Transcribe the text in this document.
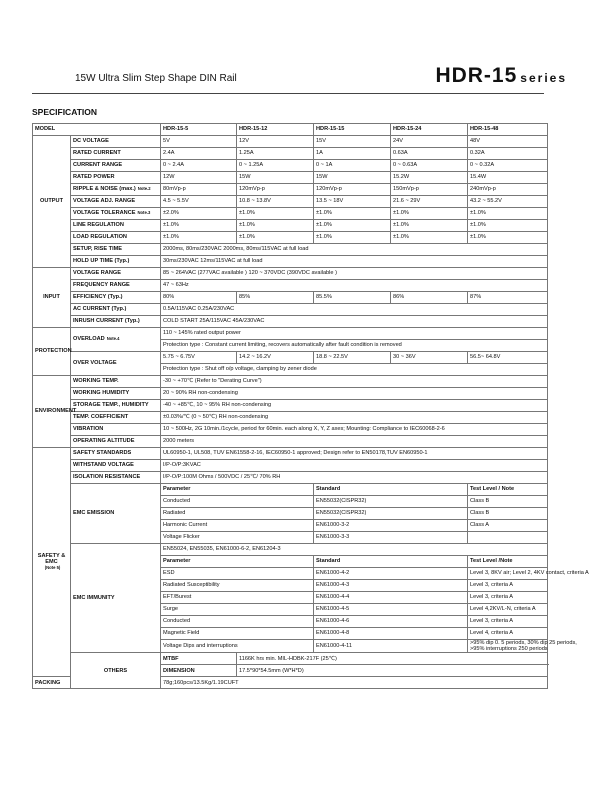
15W Ultra Slim Step Shape DIN Rail	HDR-15 series
SPECIFICATION
MODEL		HDR-15-5	HDR-15-12	HDR-15-15	HDR-15-24	HDR-15-48
OUTPUT	DC VOLTAGE	5V	12V	15V	24V	48V
	RATED CURRENT	2.4A	1.25A	1A	0.63A	0.32A
	CURRENT RANGE	0 ~ 2.4A	0 ~ 1.25A	0 ~ 1A	0 ~ 0.63A	0 ~ 0.32A
	RATED POWER	12W	15W	15W	15.2W	15.4W
	RIPPLE & NOISE (max.) Note.2	80mVp-p	120mVp-p	120mVp-p	150mVp-p	240mVp-p
	VOLTAGE ADJ. RANGE	4.5 ~ 5.5V	10.8 ~ 13.8V	13.5 ~ 18V	21.6 ~ 29V	43.2 ~ 55.2V
	VOLTAGE TOLERANCE Note.3	±2.0%	±1.0%	±1.0%	±1.0%	±1.0%
	LINE REGULATION	±1.0%	±1.0%	±1.0%	±1.0%	±1.0%
	LOAD REGULATION	±1.0%	±1.0%	±1.0%	±1.0%	±1.0%
	SETUP, RISE TIME	2000ms, 80ms/230VAC 2000ms, 80ms/115VAC at full load				
	HOLD UP TIME (Typ.)	30ms/230VAC 12ms/115VAC at full load				
INPUT	VOLTAGE RANGE	85 ~ 264VAC (277VAC available ) 120 ~ 370VDC (390VDC available )				
	FREQUENCY RANGE	47 ~ 63Hz				
	EFFICIENCY (Typ.)	80%	85%	85.5%	86%	87%
	AC CURRENT (Typ.)	0.5A/115VAC 0.25A/230VAC				
	INRUSH CURRENT (Typ.)	COLD START 25A/115VAC 45A/230VAC				
PROTECTION	OVERLOAD Note.4	110 ~ 145% rated output power				
		Protection type : Constant current limiting, recovers automatically after fault condition is removed				
	OVER VOLTAGE	5.75 ~ 6.75V	14.2 ~ 16.2V	18.8 ~ 22.5V	30 ~ 36V	56.5~ 64.8V
		Protection type : Shut off o/p voltage, clamping by zener diode				
ENVIRONMENT	WORKING TEMP.	-30 ~ +70℃ (Refer to "Derating Curve")				
	WORKING HUMIDITY	20 ~ 90% RH non-condensing				
	STORAGE TEMP., HUMIDITY	-40 ~ +85℃, 10 ~ 95% RH non-condensing				
	TEMP. COEFFICIENT	±0.03%/℃ (0 ~ 50℃) RH non-condensing				
	VIBRATION	10 ~ 500Hz, 2G 10min./1cycle, period for 60min. each along X, Y, Z axes; Mounting: Compliance to IEC60068-2-6				
	OPERATING ALTITUDE	2000 meters				
SAFETY &
EMC
(Note 5)	SAFETY STANDARDS	UL60950-1, UL508, TUV EN61558-2-16, IEC60950-1 approved; Design refer to EN50178,TUV EN60950-1				
	WITHSTAND VOLTAGE	I/P-O/P:3KVAC				
	ISOLATION RESISTANCE	I/P-O/P:100M Ohms / 500VDC / 25℃/ 70% RH				
	EMC EMISSION	Parameter		Standard		Test Level / Note
		Conducted		EN55032(CISPR32)		Class B
		Radiated		EN55032(CISPR32)		Class B
		Harmonic Current		EN61000-3-2		Class A
		Voltage Flicker		EN61000-3-3		
	EMC IMMUNITY	EN55024, EN55035, EN61000-6-2, EN61204-3				
		Parameter		Standard		Test Level /Note
		ESD		EN61000-4-2		Level 3, 8KV air; Level 2, 4KV contact, criteria A
		Radiated Susceptibility		EN61000-4-3		Level 3, criteria A
		EFT/Burest		EN61000-4-4		Level 3, criteria A
		Surge		EN61000-4-5		Level 4,2KV/L-N, criteria A
		Conducted		EN61000-4-6		Level 3, criteria A
		Magnetic Field		EN61000-4-8		Level 4, criteria A
		Voltage Dips and interruptions		EN61000-4-11		>95% dip 0. 5 periods, 30% dip 25 periods,
>95% interruptions 250 periods
	OTHERS	MTBF	1166K hrs min. MIL-HDBK-217F (25℃)			
		DIMENSION	17.5*90*54.5mm (W*H*D)			
PACKING		78g;160pcs/13.5Kg/1.19CUFT				
